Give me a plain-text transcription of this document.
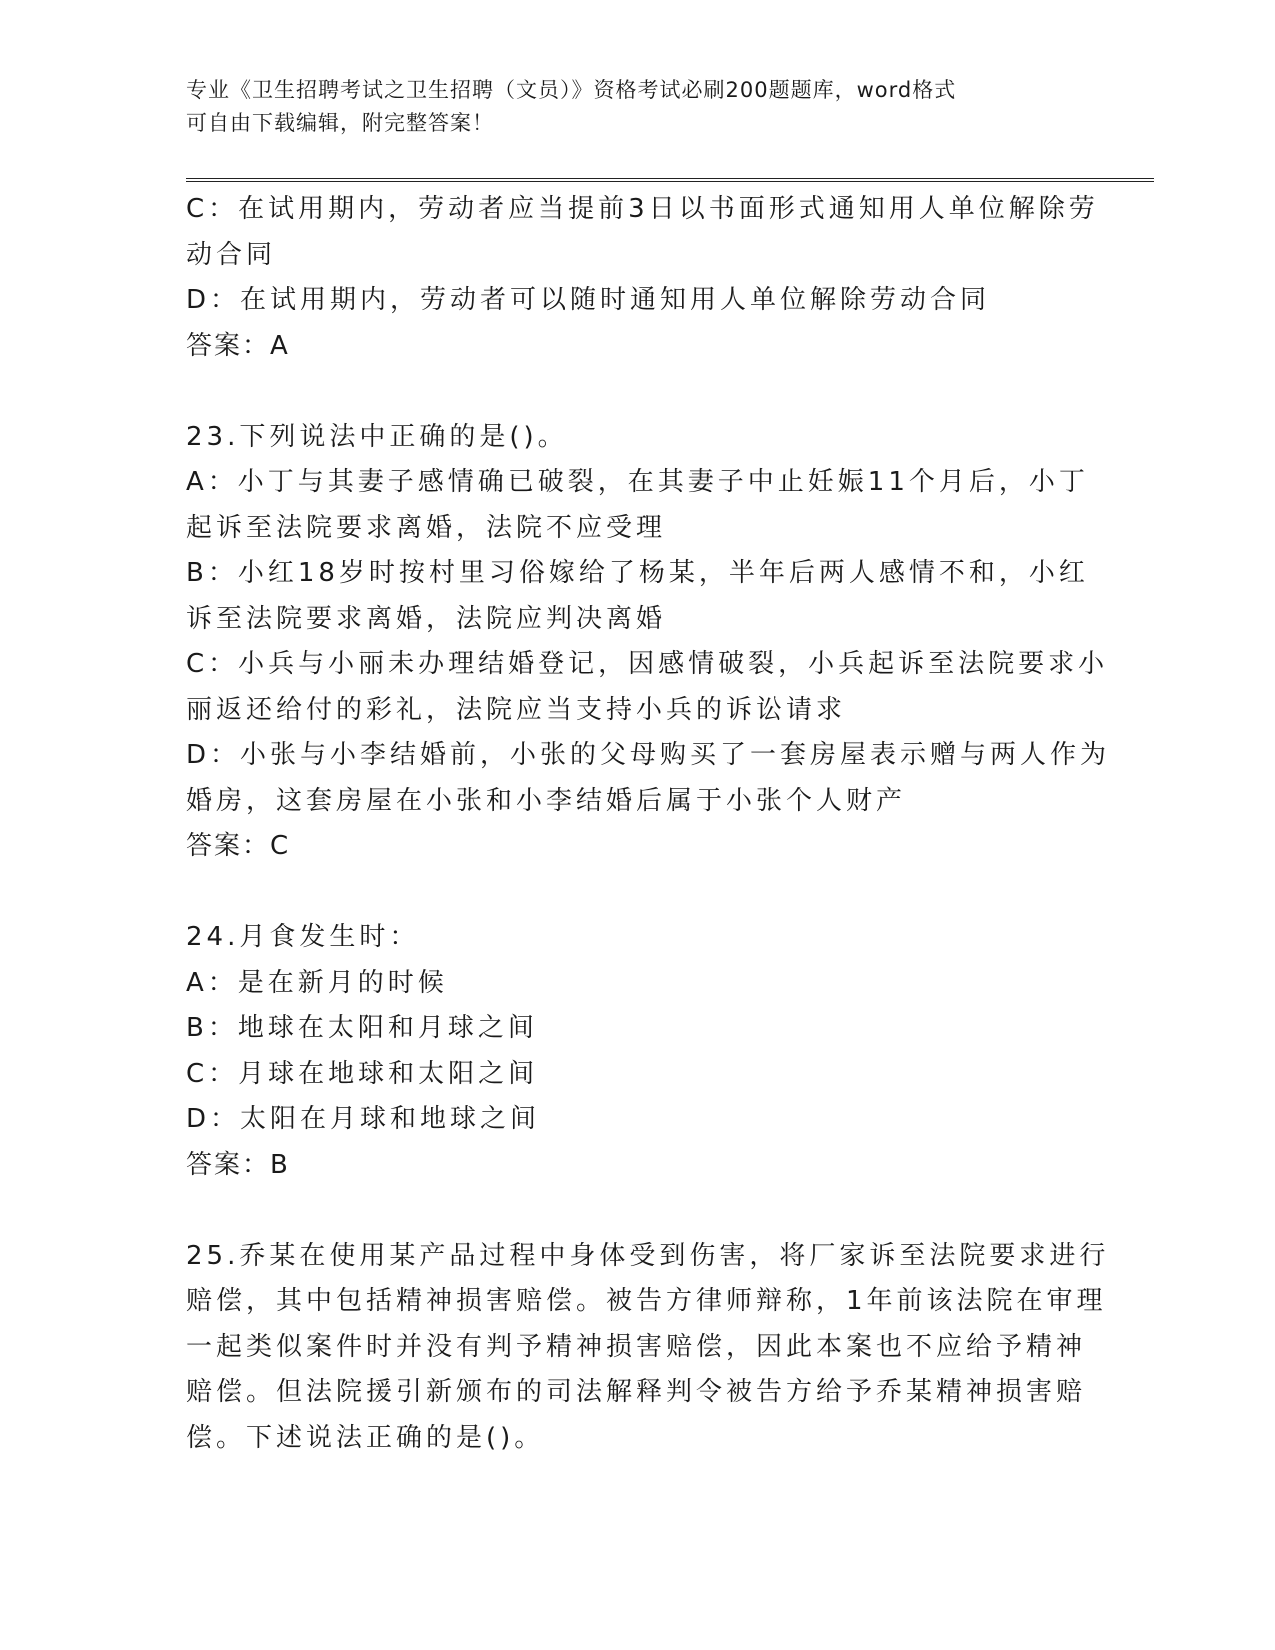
专业《卫生招聘考试之卫生招聘（文员）》资格考试必刷200题题库，word格式
可自由下载编辑，附完整答案！
C：在试用期内，劳动者应当提前3日以书面形式通知用人单位解除劳
动合同
D：在试用期内，劳动者可以随时通知用人单位解除劳动合同
答案：A
23.下列说法中正确的是()。
A：小丁与其妻子感情确已破裂，在其妻子中止妊娠11个月后，小丁
起诉至法院要求离婚，法院不应受理
B：小红18岁时按村里习俗嫁给了杨某，半年后两人感情不和，小红
诉至法院要求离婚，法院应判决离婚
C：小兵与小丽未办理结婚登记，因感情破裂，小兵起诉至法院要求小
丽返还给付的彩礼，法院应当支持小兵的诉讼请求
D：小张与小李结婚前，小张的父母购买了一套房屋表示赠与两人作为
婚房，这套房屋在小张和小李结婚后属于小张个人财产
答案：C
24.月食发生时：
A：是在新月的时候
B：地球在太阳和月球之间
C：月球在地球和太阳之间
D：太阳在月球和地球之间
答案：B
25.乔某在使用某产品过程中身体受到伤害，将厂家诉至法院要求进行
赔偿，其中包括精神损害赔偿。被告方律师辩称，1年前该法院在审理
一起类似案件时并没有判予精神损害赔偿，因此本案也不应给予精神
赔偿。但法院援引新颁布的司法解释判令被告方给予乔某精神损害赔
偿。下述说法正确的是()。
